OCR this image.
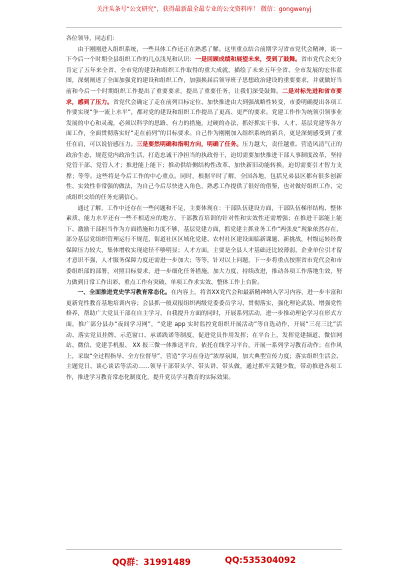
关注头条号“公文研究”，获得最新最全最专业的公文资料库！ 微信：gongwenyj

各位领导，同志们：

由于刚刚进入组织系统，一些具体工作还正在熟悉了解。这里重点结合前期学习省市党代会精神，谈一下今后一个时期全县组织工作的几点浅见和认识：一是回顾成绩和展望未来，受到了鼓舞。省市党代会充分肯定了五年来全省、全市党的建设和组织工作取得的重大成就，描绘了未来五年全省、全市发展的宏伟蓝图，深刻阐述了全面加强党的建设和组织工作，加强换届后领导班子思想政治建设的重要要求，并就做好当前和今后一个时期组织工作提出了重要要求，提出了重要任务，让我们深受鼓舞。二是对标先进和省市要求，感到了压力。省党代会确定了走在前列目标定位、加快推进由大到强战略性转变，市委明确提出各项工作要实现“争一流上水平”，都对党的建设和组织工作提出了更高、更严的要求。党建工作作为统领引领事业发展的中心和灵魂，必须以科学的思路、有力的措施，过硬的办法，抓好抓实干事、人才、基层党建等各方面工作，全面贯彻落实好“走在前列”的目标要求。自己作为刚刚加入组织系统的新兵，更是深刻感受到了重任在肩，可以说倍感压力。三是要然明确和指明方向，明确了任务。压力越大，责任越重。营造风清气正的政治生态，规范党内政治生活，打造忠诚干净担当的执政骨干，迫切需要加快推进干部人事制度改革，坚持党管干部、党管人才；推进能上能下；推动供给侧结构性改革、加快新旧动能转换，迫切需要引才智力支撑；等等。这些将是今后工作的中心重点。同时，根据平时了解，全国各地，包括兄弟县区都有很多创新性、实效性非常强的做法，为自己今后尽快进入角色，熟悉工作提供了很好的借鉴，也对做好组织工作、完成组织交给的任务充满信心。

通过了解，工作中还存在一些问题和不足，主要体现在：干部队伍建设方面，干部队伍梯形结构、整体素质、能力水平还有一些不相适应的地方，干部教育培训的针对性和实效性还需增强；在推进干部能上能下、激励干部担当作为方面措施和力度不够，基层党建方面，抓党建主抓业务工作“两张皮”现象依然存在，部分基层党组织管理运行不规范，街道社区区域化党建、农村社区建设面临新课题、新挑战，村级运转经费保障压力较大，集体增收实现途径不够明显；人才方面，主要是全县人才基础还比较薄弱，企业单位引才留才意识不强，人才服务保障力度还需进一步加大；等等，针对以上问题，下一步将重点按照省市党代会和市委组织部的部署，对照目标要求，进一步细化任务措施，加大力度，持续改进，推动各项工作落地生效，努力做到日常工作出彩、重点工作有突破、单项工作求实效、整体工作上台阶。

一、全面推进党史学习教育常态化。在内容上，将省XX党代会和最新精神纳入学习内容，进一步丰富和更新党性教育基地培训内容；会县抓一般双报组织两级党委委员学习、贯彻落实，强化理论武装、增强党性修养，帮助广大党员干部在自主学习、自我提升方面的同时，开展系列活动，进一步推动理论学习在形式方面，推广部分县办“夜间学习网”，“党建 app 实时监控党组织开展活动”等自选动作，开展“三亮三比”活动、落实党员挂牌、示范窗口、承诺践诺等制度，促进党员作用发挥；在平台上，发挥党建频道、微信网站、微信、党建手机报、 XX 报三微一体推送平台，依托在线学习平台，开展一系列学习教育动作；在作风上，采取“全过程指导、全方位督导”，营造“学习在身边”浓厚氛围，加大典型宣传力度；落实组织生活会、主题党日、谈心谈话等活动……领导干部带头学、带头讲、带头做，通过抓牢关键少数，带动推进各项工作，推进学习教育常态化制度化，提升党员学习教育的实际效果。

QQ群：31991489	QQ:535304092
